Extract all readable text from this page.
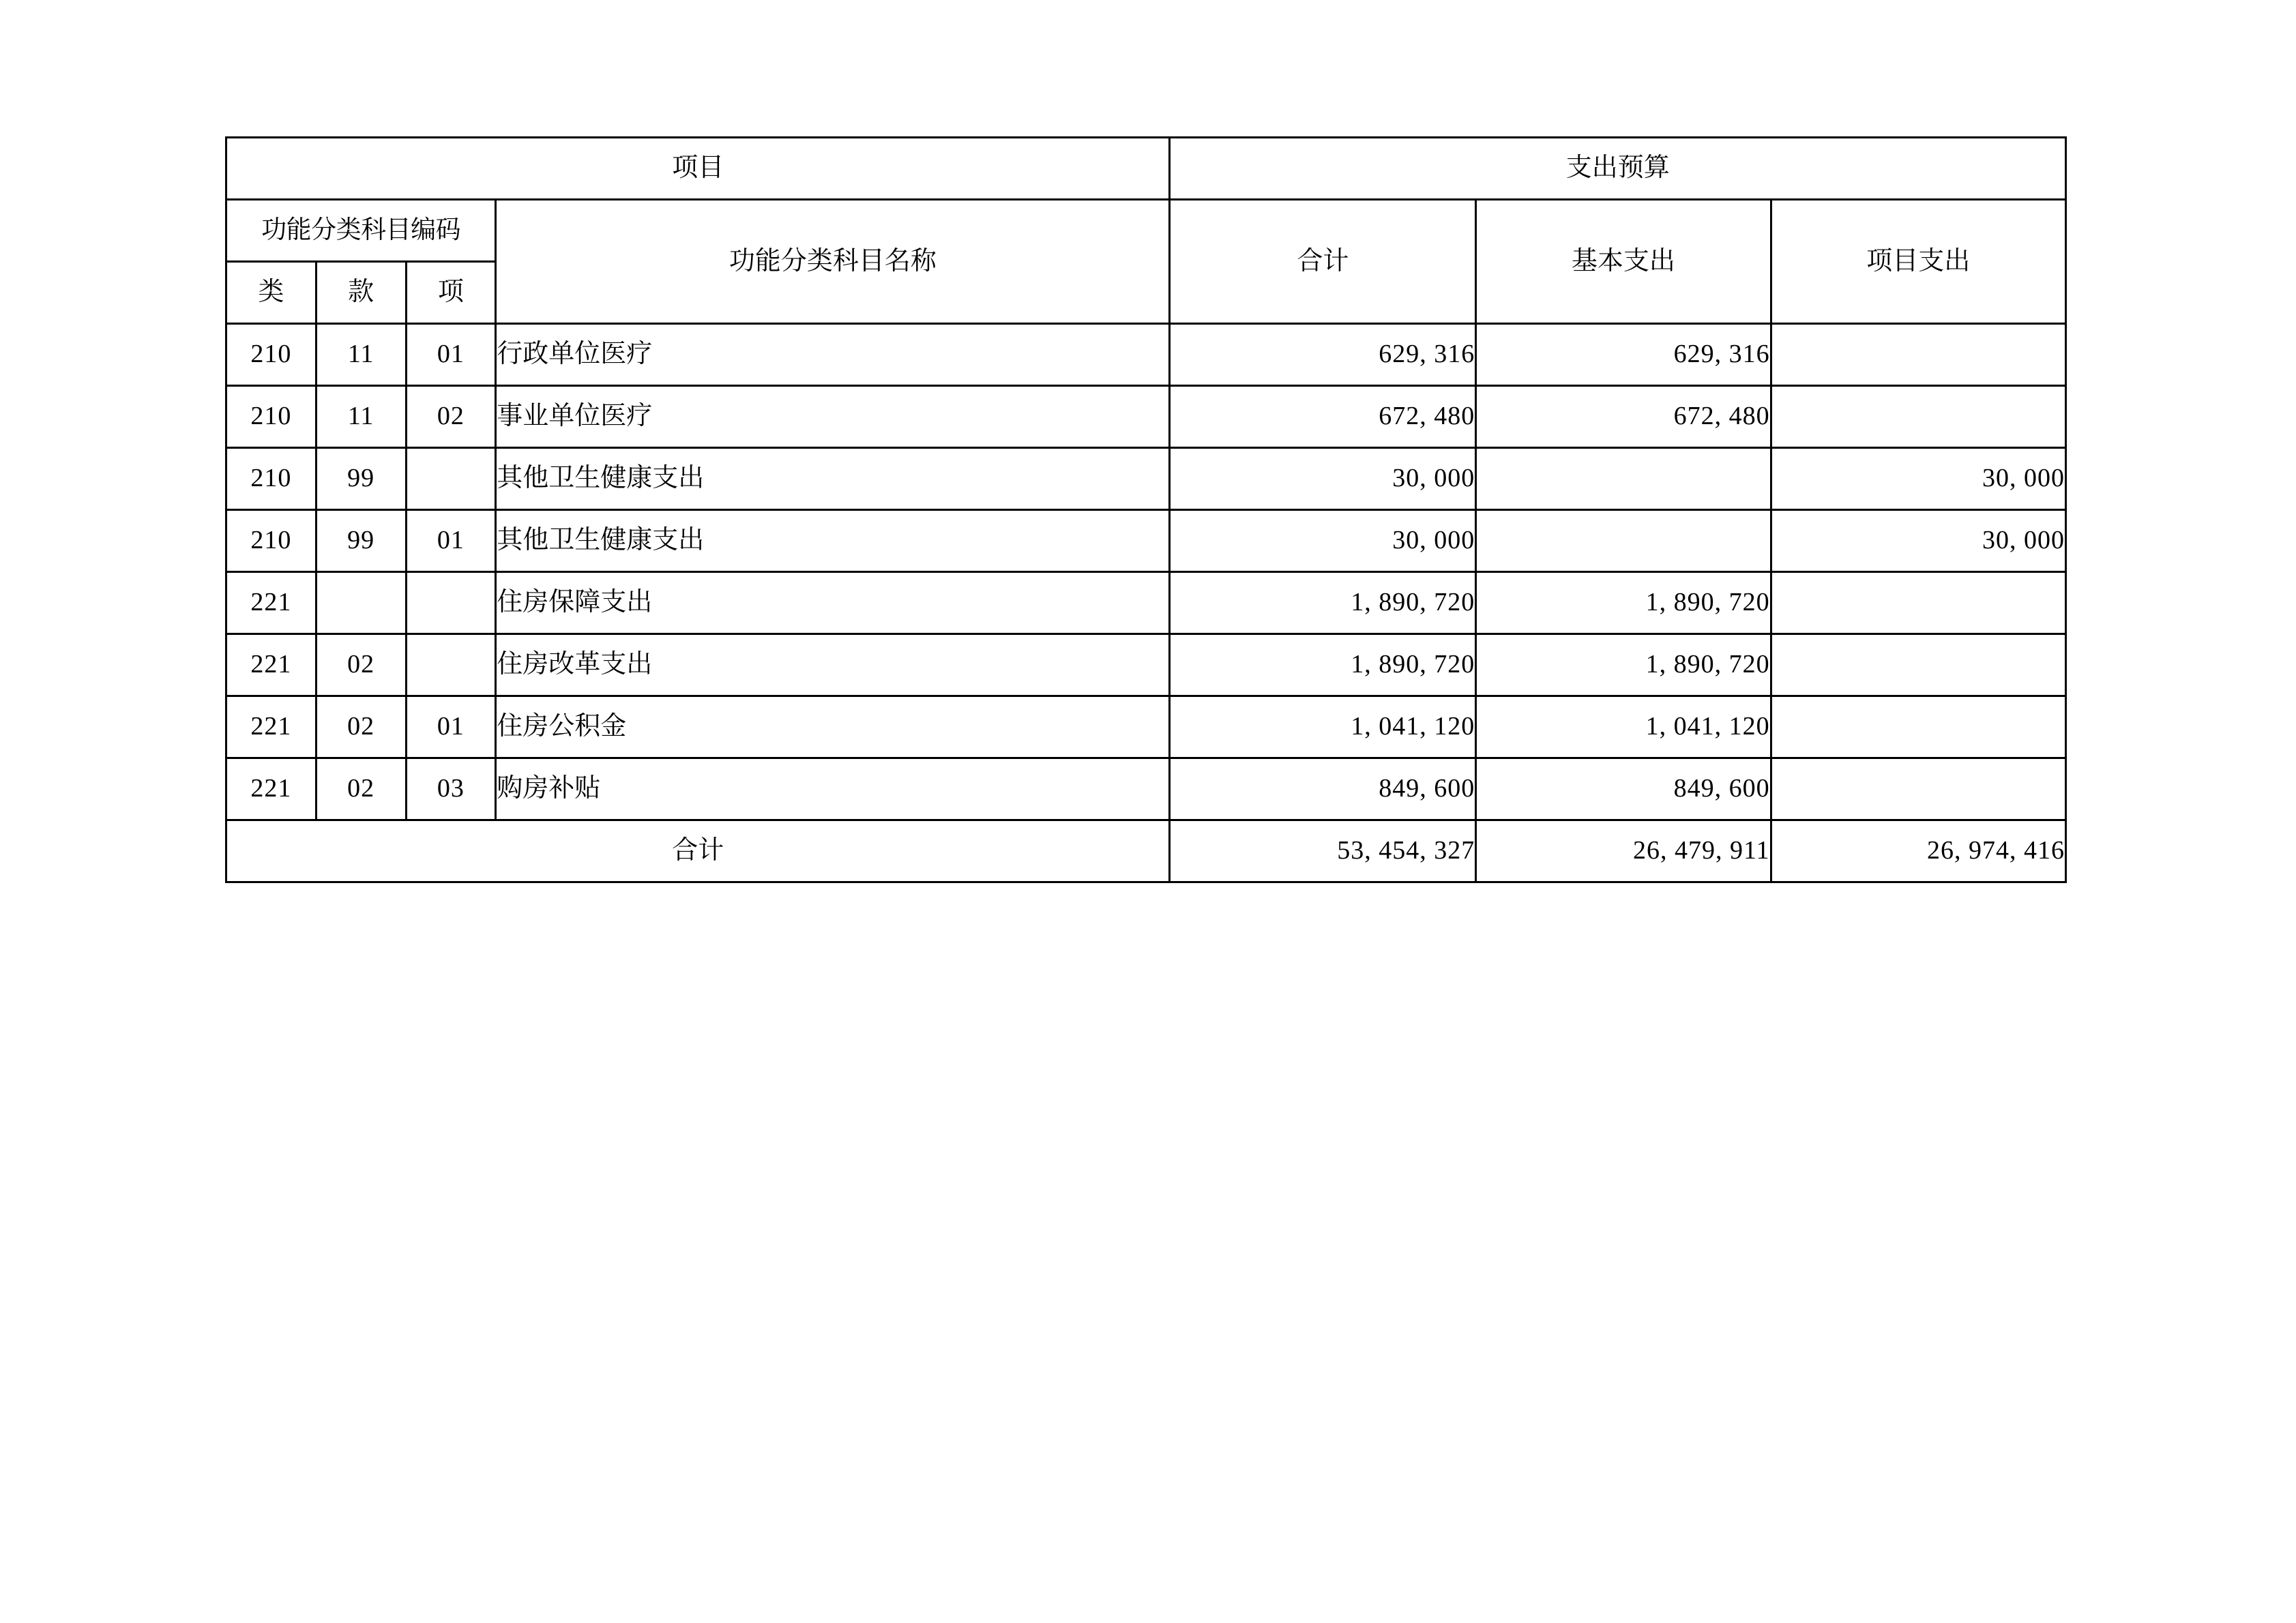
项目				支出预算		
功能分类科目编码			功能分类科目名称	合计	基本支出	项目支出
类	款	项				
210	11	01	行政单位医疗	629, 316	629, 316	
210	11	02	事业单位医疗	672, 480	672, 480	
210	99		其他卫生健康支出	30, 000		30, 000
210	99	01	其他卫生健康支出	30, 000		30, 000
221			住房保障支出	1, 890, 720	1, 890, 720	
221	02		住房改革支出	1, 890, 720	1, 890, 720	
221	02	01	住房公积金	1, 041, 120	1, 041, 120	
221	02	03	购房补贴	849, 600	849, 600	
合计				53, 454, 327	26, 479, 911	26, 974, 416
